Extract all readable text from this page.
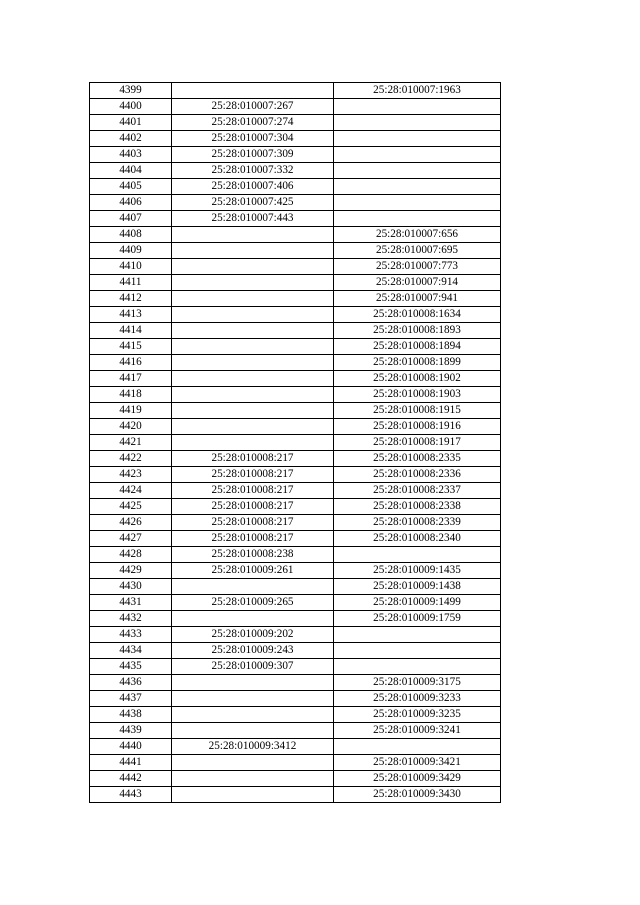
4399		25:28:010007:1963
4400	25:28:010007:267	
4401	25:28:010007:274	
4402	25:28:010007:304	
4403	25:28:010007:309	
4404	25:28:010007:332	
4405	25:28:010007:406	
4406	25:28:010007:425	
4407	25:28:010007:443	
4408		25:28:010007:656
4409		25:28:010007:695
4410		25:28:010007:773
4411		25:28:010007:914
4412		25:28:010007:941
4413		25:28:010008:1634
4414		25:28:010008:1893
4415		25:28:010008:1894
4416		25:28:010008:1899
4417		25:28:010008:1902
4418		25:28:010008:1903
4419		25:28:010008:1915
4420		25:28:010008:1916
4421		25:28:010008:1917
4422	25:28:010008:217	25:28:010008:2335
4423	25:28:010008:217	25:28:010008:2336
4424	25:28:010008:217	25:28:010008:2337
4425	25:28:010008:217	25:28:010008:2338
4426	25:28:010008:217	25:28:010008:2339
4427	25:28:010008:217	25:28:010008:2340
4428	25:28:010008:238	
4429	25:28:010009:261	25:28:010009:1435
4430		25:28:010009:1438
4431	25:28:010009:265	25:28:010009:1499
4432		25:28:010009:1759
4433	25:28:010009:202	
4434	25:28:010009:243	
4435	25:28:010009:307	
4436		25:28:010009:3175
4437		25:28:010009:3233
4438		25:28:010009:3235
4439		25:28:010009:3241
4440	25:28:010009:3412	
4441		25:28:010009:3421
4442		25:28:010009:3429
4443		25:28:010009:3430
